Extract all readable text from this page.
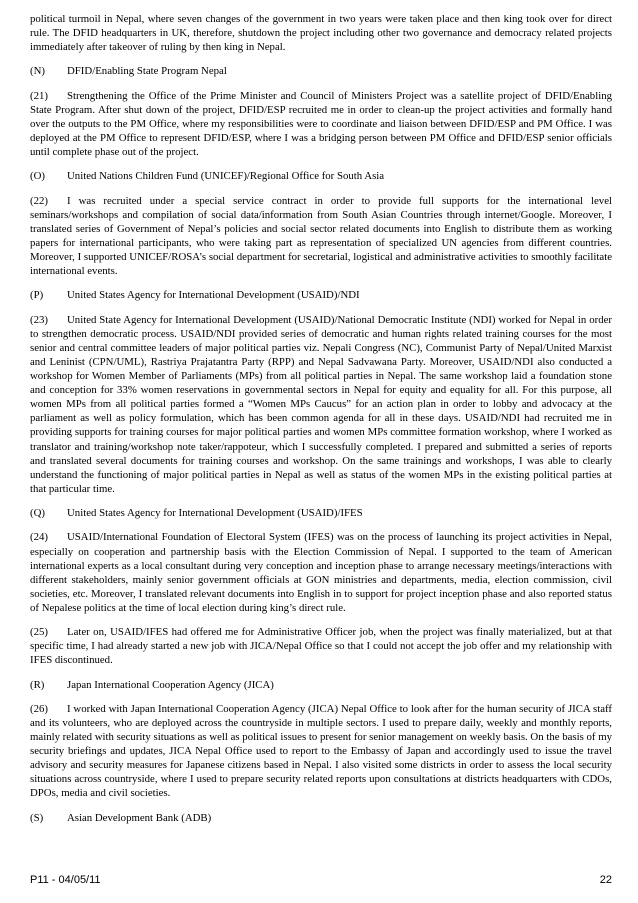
political turmoil in Nepal, where seven changes of the government in two years were taken place and then king took over for direct rule. The DFID headquarters in UK, therefore, shutdown the project including other two governance and democracy related projects immediately after takeover of ruling by then king in Nepal.

(N) DFID/Enabling State Program Nepal

(21) Strengthening the Office of the Prime Minister and Council of Ministers Project was a satellite project of DFID/Enabling State Program. After shut down of the project, DFID/ESP recruited me in order to clean-up the project activities and formally hand over the outputs to the PM Office, where my responsibilities were to coordinate and liaison between DFID/ESP and PM Office. I was deployed at the PM Office to represent DFID/ESP, where I was a bridging person between PM Office and DFID/ESP senior officials until complete phase out of the project.

(O) United Nations Children Fund (UNICEF)/Regional Office for South Asia

(22) I was recruited under a special service contract in order to provide full supports for the international level seminars/workshops and compilation of social data/information from South Asian Countries through internet/Google. Moreover, I translated series of Government of Nepal’s policies and social sector related documents into English to distribute them as working papers for international participants, who were taking part as representation of specialized UN agencies from different countries. Moreover, I supported UNICEF/ROSA’s social department for secretarial, logistical and administrative activities to smoothly facilitate international events.

(P) United States Agency for International Development (USAID)/NDI

(23) United State Agency for International Development (USAID)/National Democratic Institute (NDI) worked for Nepal in order to strengthen democratic process. USAID/NDI provided series of democratic and human rights related training courses for the most senior and central committee leaders of major political parties viz. Nepali Congress (NC), Communist Party of Nepal/United Marxist and Leninist (CPN/UML), Rastriya Prajatantra Party (RPP) and Nepal Sadvawana Party. Moreover, USAID/NDI also conducted a workshop for Women Member of Parliaments (MPs) from all political parties in Nepal. The same workshop laid a foundation stone and conception for 33% women reservations in governmental sectors in Nepal for equity and equality for all. For this purpose, all women MPs from all political parties formed a “Women MPs Caucus” for an action plan in order to lobby and advocacy at the parliament as well as policy formulation, which has been common agenda for all in these days. USAID/NDI had recruited me in providing supports for training courses for major political parties and women MPs committee formation workshop, where I worked as translator and training/workshop note taker/rappoteur, which I successfully completed. I prepared and submitted a series of reports and translated several documents for training courses and workshop. On the same trainings and workshops, I was able to clearly understand the functioning of major political parties in Nepal as well as status of the women MPs in the existing political parties at that particular time.

(Q) United States Agency for International Development (USAID)/IFES

(24) USAID/International Foundation of Electoral System (IFES) was on the process of launching its project activities in Nepal, especially on cooperation and partnership basis with the Election Commission of Nepal. I supported to the team of American international experts as a local consultant during very conception and inception phase to arrange necessary meetings/interactions with different stakeholders, mainly senior government officials at GON ministries and departments, media, election commission, civil societies, etc. Moreover, I translated relevant documents into English in to support for project inception phase and also reported status of Nepalese politics at the time of local election during king’s direct rule.

(25) Later on, USAID/IFES had offered me for Administrative Officer job, when the project was finally materialized, but at that specific time, I had already started a new job with JICA/Nepal Office so that I could not accept the job offer and my relationship with IFES discontinued.

(R) Japan International Cooperation Agency (JICA)

(26) I worked with Japan International Cooperation Agency (JICA) Nepal Office to look after for the human security of JICA staff and its volunteers, who are deployed across the countryside in multiple sectors. I used to prepare daily, weekly and monthly reports, mainly related with security situations as well as political issues to present for senior management on weekly basis. On the basis of my security briefings and updates, JICA Nepal Office used to report to the Embassy of Japan and accordingly used to issue the travel advisory and security measures for Japanese citizens based in Nepal. I also visited some districts in order to assess the local security situations across countryside, where I used to prepare security related reports upon consultations at districts headquarters with CDOs, DPOs, media and civil societies.

(S) Asian Development Bank (ADB)
P11 - 04/05/11	22
